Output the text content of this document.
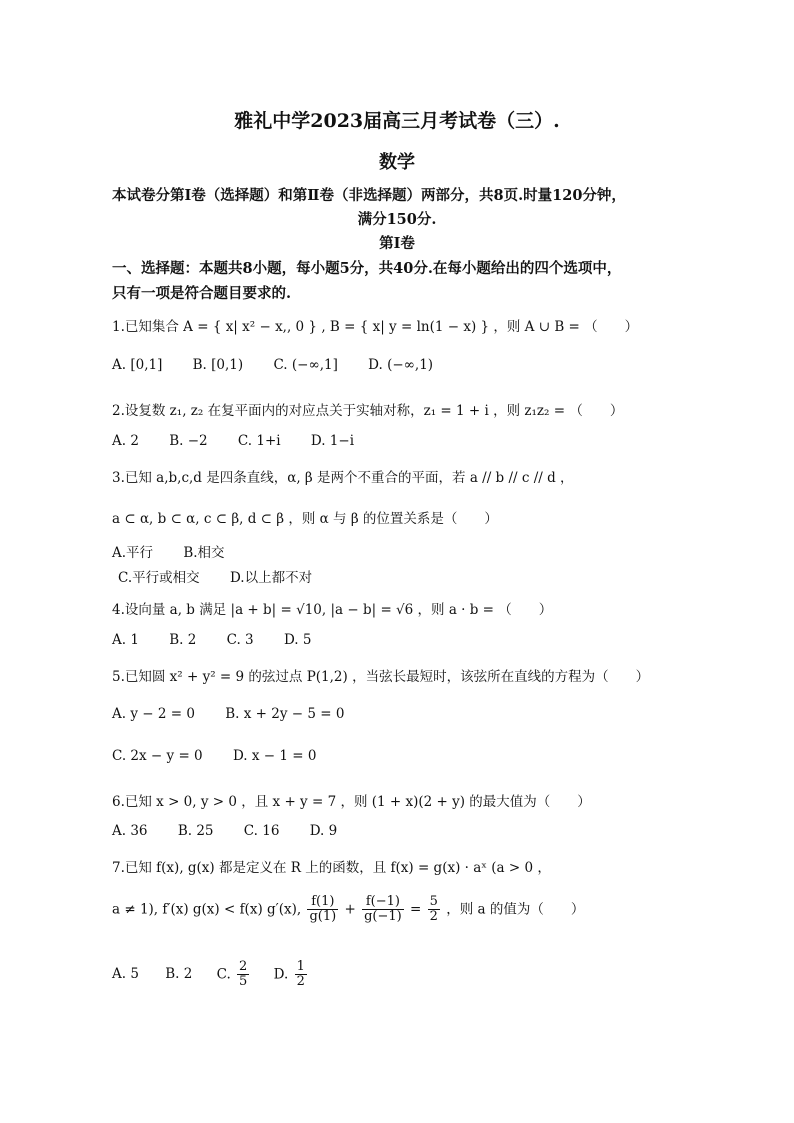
雅礼中学2023届高三月考试卷（三）.
数学
本试卷分第Ⅰ卷（选择题）和第Ⅱ卷（非选择题）两部分，共8页.时量120分钟，
满分150分.
第Ⅰ卷
一、选择题：本题共8小题，每小题5分，共40分.在每小题给出的四个选项中，
只有一项是符合题目要求的.
1.已知集合 A = { x| x² − x,, 0 } , B = { x| y = ln(1 − x) } ，则 A ∪ B = （　　）
A. [0,1] B. [0,1) C. (−∞,1] D. (−∞,1)
2.设复数 z₁, z₂ 在复平面内的对应点关于实轴对称，z₁ = 1 + i ，则 z₁z₂ = （　　）
A. 2 B. −2 C. 1+i D. 1−i
3.已知 a,b,c,d 是四条直线，α, β 是两个不重合的平面，若 a // b // c // d ，
a ⊂ α, b ⊂ α, c ⊂ β, d ⊂ β ，则 α 与 β 的位置关系是（　　）
A.平行 B.相交
C.平行或相交 D.以上都不对
4.设向量 a, b 满足 |a + b| = √10, |a − b| = √6 ，则 a · b = （　　）
A. 1 B. 2 C. 3 D. 5
5.已知圆 x² + y² = 9 的弦过点 P(1,2) ，当弦长最短时，该弦所在直线的方程为（　　）
A. y − 2 = 0 B. x + 2y − 5 = 0
C. 2x − y = 0 D. x − 1 = 0
6.已知 x > 0, y > 0 ，且 x + y = 7 ，则 (1 + x)(2 + y) 的最大值为（　　）
A. 36 B. 25 C. 16 D. 9
7.已知 f(x), g(x) 都是定义在 R 上的函数，且 f(x) = g(x) · aˣ (a > 0 ，
a ≠ 1), f′(x) g(x) < f(x) g′(x), $\frac{f(1)}{g(1)} + \frac{f(-1)}{g(-1)} = \frac{5}{2}$ ，则 a 的值为（　　）
A. 5 B. 2 C. $\frac{2}{5} D$. $\frac{1}{2}$
